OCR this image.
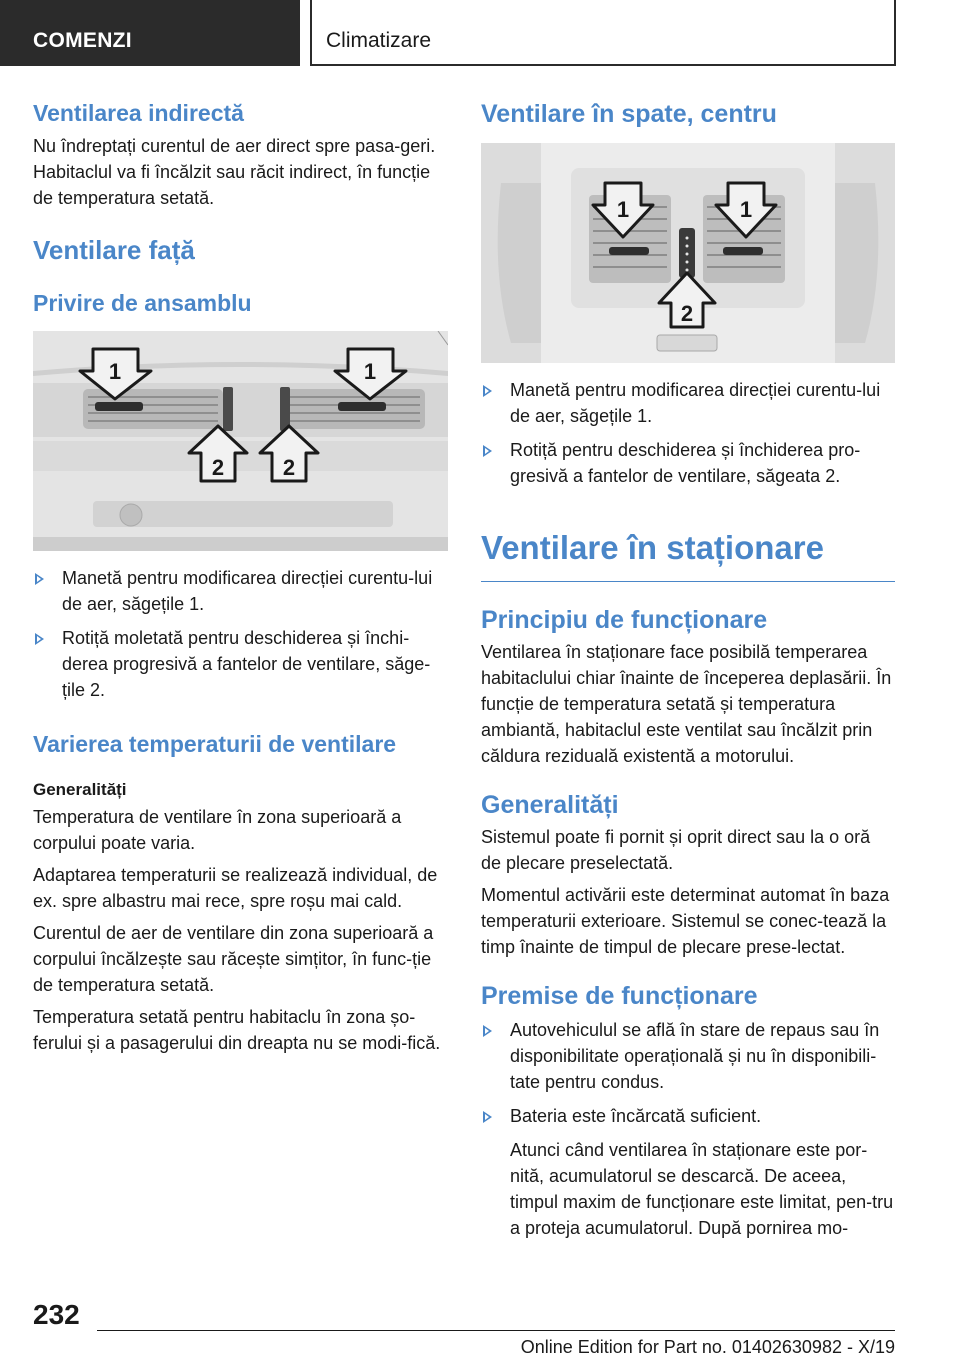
COMENZI	Climatizare
Ventilarea indirectă

Nu îndreptați curentul de aer direct spre pasa-geri. Habitaclul va fi încălzit sau răcit indirect, în funcție de temperatura setată.

Ventilare față
Privire de ansamblu
1	1
2	2
Manetă pentru modificarea direcției curentu-lui de aer, săgețile 1.
Rotiță moletată pentru deschiderea și închi-derea progresivă a fantelor de ventilare, săge-țile 2.
Varierea temperaturii de ventilare
Generalități

Temperatura de ventilare în zona superioară a corpului poate varia.

Adaptarea temperaturii se realizează individual, de ex. spre albastru mai rece, spre roșu mai cald.

Curentul de aer de ventilare din zona superioară a corpului încălzește sau răcește simțitor, în func-ție de temperatura setată.

Temperatura setată pentru habitaclu în zona șo-ferului și a pasagerului din dreapta nu se modi-fică.

Ventilare în spate, centru
1	1
2
Manetă pentru modificarea direcției curentu-lui de aer, săgețile 1.
Rotiță pentru deschiderea și închiderea pro-gresivă a fantelor de ventilare, săgeata 2.
Ventilare în staționare
Principiu de funcționare

Ventilarea în staționare face posibilă temperarea habitaclului chiar înainte de începerea deplasării. În funcție de temperatura setată și temperatura ambiantă, habitaclul este ventilat sau încălzit prin căldura reziduală existentă a motorului.

Generalități

Sistemul poate fi pornit și oprit direct sau la o oră de plecare preselectată.

Momentul activării este determinat automat în baza temperaturii exterioare. Sistemul se conec-tează la timp înainte de timpul de plecare prese-lectat.

Premise de funcționare
Autovehiculul se află în stare de repaus sau în disponibilitate operațională și nu în disponibili-tate pentru condus.
Bateria este încărcată suficient.

Atunci când ventilarea în staționare este por-nită, acumulatorul se descarcă. De aceea, timpul maxim de funcționare este limitat, pen-tru a proteja acumulatorul. După pornirea mo-

232
Online Edition for Part no. 01402630982 - X/19
